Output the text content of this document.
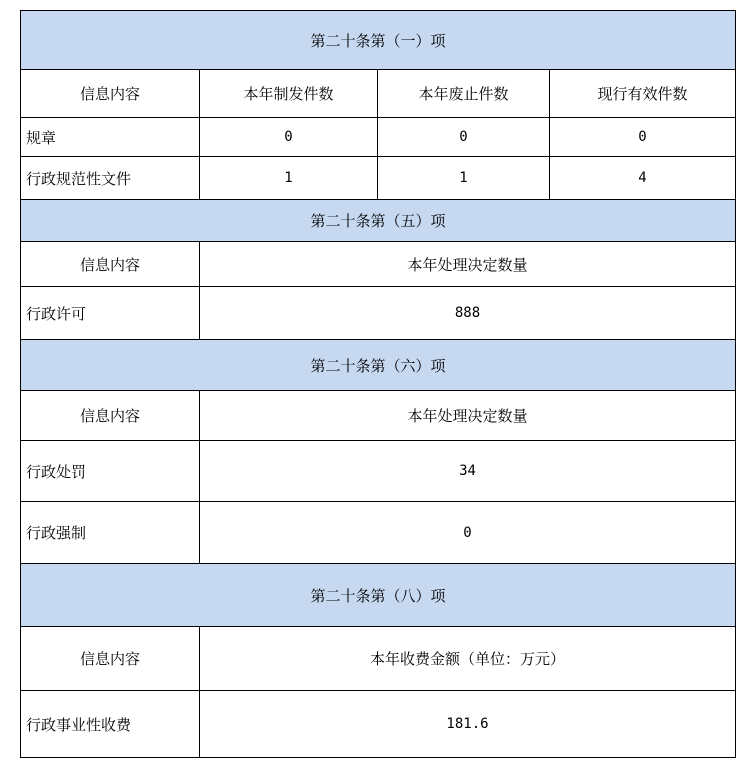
第二十条第（一）项			
信息内容	本年制发件数	本年废止件数	现行有效件数
规章	0	0	0
行政规范性文件	1	1	4
第二十条第（五）项			
信息内容	本年处理决定数量		
行政许可	888		
第二十条第（六）项			
信息内容	本年处理决定数量		
行政处罚	34		
行政强制	0		
第二十条第（八）项			
信息内容	本年收费金额（单位：万元）		
行政事业性收费	181.6		
